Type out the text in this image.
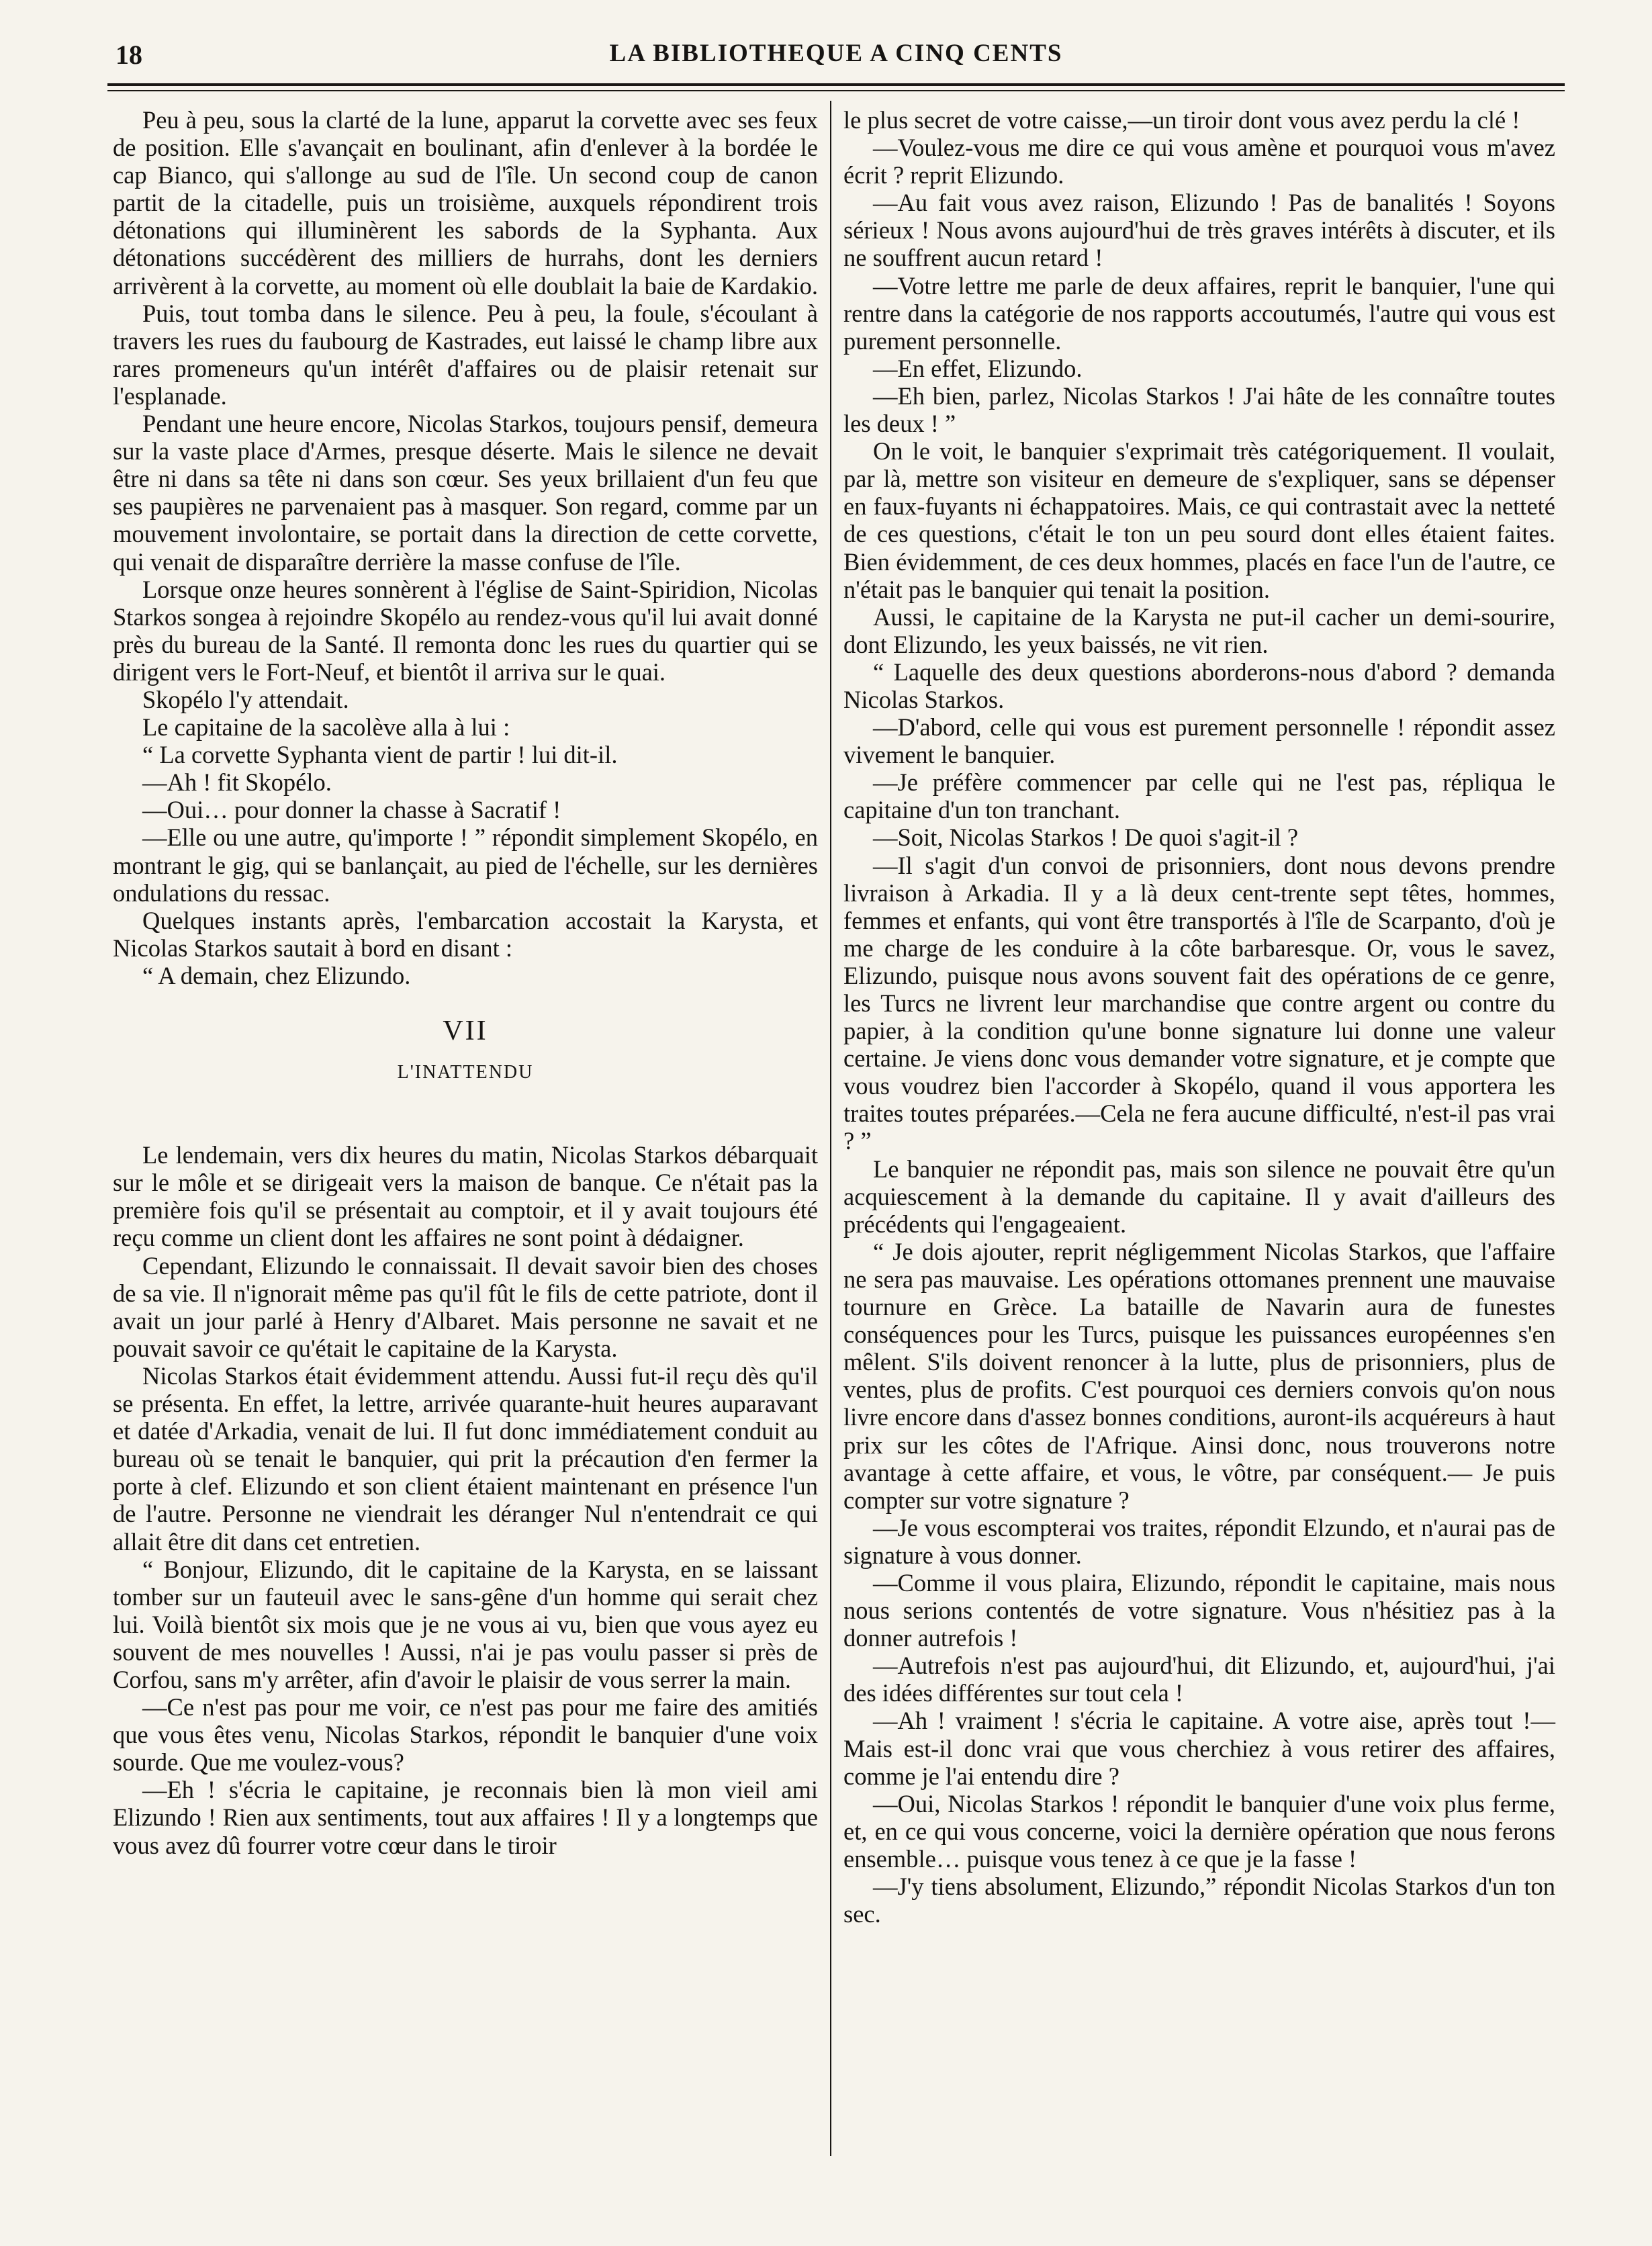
18	LA BIBLIOTHEQUE A CINQ CENTS

Peu à peu, sous la clarté de la lune, apparut la corvette avec ses feux de position. Elle s'avançait en boulinant, afin d'enlever à la bordée le cap Bianco, qui s'allonge au sud de l'île. Un second coup de canon partit de la citadelle, puis un troisième, auxquels répondirent trois détonations qui illuminèrent les sabords de la Syphanta. Aux détonations succédèrent des milliers de hurrahs, dont les derniers arrivèrent à la corvette, au moment où elle doublait la baie de Kardakio.

Puis, tout tomba dans le silence. Peu à peu, la foule, s'écoulant à travers les rues du faubourg de Kastrades, eut laissé le champ libre aux rares promeneurs qu'un intérêt d'affaires ou de plaisir retenait sur l'esplanade.

Pendant une heure encore, Nicolas Starkos, toujours pensif, demeura sur la vaste place d'Armes, presque déserte. Mais le silence ne devait être ni dans sa tête ni dans son cœur. Ses yeux brillaient d'un feu que ses paupières ne parvenaient pas à masquer. Son regard, comme par un mouvement involontaire, se portait dans la direction de cette corvette, qui venait de disparaître derrière la masse confuse de l'île.

Lorsque onze heures sonnèrent à l'église de Saint-Spiridion, Nicolas Starkos songea à rejoindre Skopélo au rendez-vous qu'il lui avait donné près du bureau de la Santé. Il remonta donc les rues du quartier qui se dirigent vers le Fort-Neuf, et bientôt il arriva sur le quai.

Skopélo l'y attendait.

Le capitaine de la sacolève alla à lui :

“ La corvette Syphanta vient de partir ! lui dit-il.

—Ah ! fit Skopélo.

—Oui… pour donner la chasse à Sacratif !

—Elle ou une autre, qu'importe ! ” répondit simplement Skopélo, en montrant le gig, qui se banlançait, au pied de l'échelle, sur les dernières ondulations du ressac.

Quelques instants après, l'embarcation accostait la Karysta, et Nicolas Starkos sautait à bord en disant :

“ A demain, chez Elizundo.

VII
L'INATTENDU

Le lendemain, vers dix heures du matin, Nicolas Starkos débarquait sur le môle et se dirigeait vers la maison de banque. Ce n'était pas la première fois qu'il se présentait au comptoir, et il y avait toujours été reçu comme un client dont les affaires ne sont point à dédaigner.

Cependant, Elizundo le connaissait. Il devait savoir bien des choses de sa vie. Il n'ignorait même pas qu'il fût le fils de cette patriote, dont il avait un jour parlé à Henry d'Albaret. Mais personne ne savait et ne pouvait savoir ce qu'était le capitaine de la Karysta.

Nicolas Starkos était évidemment attendu. Aussi fut-il reçu dès qu'il se présenta. En effet, la lettre, arrivée quarante-huit heures auparavant et datée d'Arkadia, venait de lui. Il fut donc immédiatement conduit au bureau où se tenait le banquier, qui prit la précaution d'en fermer la porte à clef. Elizundo et son client étaient maintenant en présence l'un de l'autre. Personne ne viendrait les déranger Nul n'entendrait ce qui allait être dit dans cet entretien.

“ Bonjour, Elizundo, dit le capitaine de la Karysta, en se laissant tomber sur un fauteuil avec le sans-gêne d'un homme qui serait chez lui. Voilà bientôt six mois que je ne vous ai vu, bien que vous ayez eu souvent de mes nouvelles ! Aussi, n'ai je pas voulu passer si près de Corfou, sans m'y arrêter, afin d'avoir le plaisir de vous serrer la main.

—Ce n'est pas pour me voir, ce n'est pas pour me faire des amitiés que vous êtes venu, Nicolas Starkos, répondit le banquier d'une voix sourde. Que me voulez-vous?

—Eh ! s'écria le capitaine, je reconnais bien là mon vieil ami Elizundo ! Rien aux sentiments, tout aux affaires ! Il y a longtemps que vous avez dû fourrer votre cœur dans le tiroir

le plus secret de votre caisse,—un tiroir dont vous avez perdu la clé !

—Voulez-vous me dire ce qui vous amène et pourquoi vous m'avez écrit ? reprit Elizundo.

—Au fait vous avez raison, Elizundo ! Pas de banalités ! Soyons sérieux ! Nous avons aujourd'hui de très graves intérêts à discuter, et ils ne souffrent aucun retard !

—Votre lettre me parle de deux affaires, reprit le banquier, l'une qui rentre dans la catégorie de nos rapports accoutumés, l'autre qui vous est purement personnelle.

—En effet, Elizundo.

—Eh bien, parlez, Nicolas Starkos ! J'ai hâte de les connaître toutes les deux ! ”

On le voit, le banquier s'exprimait très catégoriquement. Il voulait, par là, mettre son visiteur en demeure de s'expliquer, sans se dépenser en faux-fuyants ni échappatoires. Mais, ce qui contrastait avec la netteté de ces questions, c'était le ton un peu sourd dont elles étaient faites. Bien évidemment, de ces deux hommes, placés en face l'un de l'autre, ce n'était pas le banquier qui tenait la position.

Aussi, le capitaine de la Karysta ne put-il cacher un demi-sourire, dont Elizundo, les yeux baissés, ne vit rien.

“ Laquelle des deux questions aborderons-nous d'abord ? demanda Nicolas Starkos.

—D'abord, celle qui vous est purement personnelle ! répondit assez vivement le banquier.

—Je préfère commencer par celle qui ne l'est pas, répliqua le capitaine d'un ton tranchant.

—Soit, Nicolas Starkos ! De quoi s'agit-il ?

—Il s'agit d'un convoi de prisonniers, dont nous devons prendre livraison à Arkadia. Il y a là deux cent-trente sept têtes, hommes, femmes et enfants, qui vont être transportés à l'île de Scarpanto, d'où je me charge de les conduire à la côte barbaresque. Or, vous le savez, Elizundo, puisque nous avons souvent fait des opérations de ce genre, les Turcs ne livrent leur marchandise que contre argent ou contre du papier, à la condition qu'une bonne signature lui donne une valeur certaine. Je viens donc vous demander votre signature, et je compte que vous voudrez bien l'accorder à Skopélo, quand il vous apportera les traites toutes préparées.—Cela ne fera aucune difficulté, n'est-il pas vrai ? ”

Le banquier ne répondit pas, mais son silence ne pouvait être qu'un acquiescement à la demande du capitaine. Il y avait d'ailleurs des précédents qui l'engageaient.

“ Je dois ajouter, reprit négligemment Nicolas Starkos, que l'affaire ne sera pas mauvaise. Les opérations ottomanes prennent une mauvaise tournure en Grèce. La bataille de Navarin aura de funestes conséquences pour les Turcs, puisque les puissances européennes s'en mêlent. S'ils doivent renoncer à la lutte, plus de prisonniers, plus de ventes, plus de profits. C'est pourquoi ces derniers convois qu'on nous livre encore dans d'assez bonnes conditions, auront-ils acquéreurs à haut prix sur les côtes de l'Afrique. Ainsi donc, nous trouverons notre avantage à cette affaire, et vous, le vôtre, par conséquent.— Je puis compter sur votre signature ?

—Je vous escompterai vos traites, répondit Elzundo, et n'aurai pas de signature à vous donner.

—Comme il vous plaira, Elizundo, répondit le capitaine, mais nous nous serions contentés de votre signature. Vous n'hésitiez pas à la donner autrefois !

—Autrefois n'est pas aujourd'hui, dit Elizundo, et, aujourd'hui, j'ai des idées différentes sur tout cela !

—Ah ! vraiment ! s'écria le capitaine. A votre aise, après tout !—Mais est-il donc vrai que vous cherchiez à vous retirer des affaires, comme je l'ai entendu dire ?

—Oui, Nicolas Starkos ! répondit le banquier d'une voix plus ferme, et, en ce qui vous concerne, voici la dernière opération que nous ferons ensemble… puisque vous tenez à ce que je la fasse !

—J'y tiens absolument, Elizundo,” répondit Nicolas Starkos d'un ton sec.
